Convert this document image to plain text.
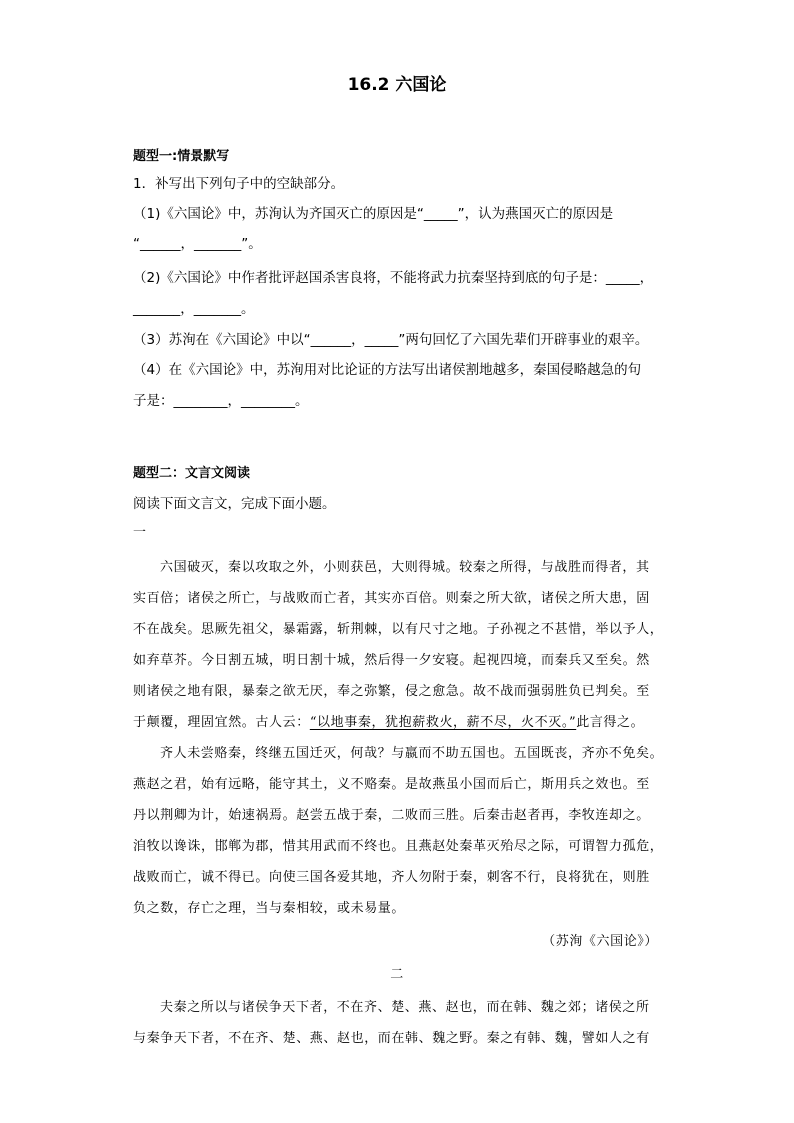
16.2 六国论
题型一:情景默写
1．补写出下列句子中的空缺部分。
（1)《六国论》中，苏洵认为齐国灭亡的原因是“_____”，认为燕国灭亡的原因是
“______，_______”。
（2)《六国论》中作者批评赵国杀害良将，不能将武力抗秦坚持到底的句子是：_____，
_______，_______。
（3）苏洵在《六国论》中以“______，_____”两句回忆了六国先辈们开辟事业的艰辛。
（4）在《六国论》中，苏洵用对比论证的方法写出诸侯割地越多，秦国侵略越急的句
子是：________，________。
题型二：文言文阅读
阅读下面文言文，完成下面小题。
一
六国破灭，秦以攻取之外，小则获邑，大则得城。较秦之所得，与战胜而得者，其
实百倍；诸侯之所亡，与战败而亡者，其实亦百倍。则秦之所大欲，诸侯之所大患，固
不在战矣。思厥先祖父，暴霜露，斩荆棘，以有尺寸之地。子孙视之不甚惜，举以予人，
如弃草芥。今日割五城，明日割十城，然后得一夕安寝。起视四境，而秦兵又至矣。然
则诸侯之地有限，暴秦之欲无厌，奉之弥繁，侵之愈急。故不战而强弱胜负已判矣。至
于颠覆，理固宜然。古人云：“以地事秦，犹抱薪救火，薪不尽，火不灭。”此言得之。
齐人未尝赂秦，终继五国迁灭，何哉？与嬴而不助五国也。五国既丧，齐亦不免矣。
燕赵之君，始有远略，能守其土，义不赂秦。是故燕虽小国而后亡，斯用兵之效也。至
丹以荆卿为计，始速祸焉。赵尝五战于秦，二败而三胜。后秦击赵者再，李牧连却之。
洎牧以谗诛，邯郸为郡，惜其用武而不终也。且燕赵处秦革灭殆尽之际，可谓智力孤危，
战败而亡，诚不得已。向使三国各爱其地，齐人勿附于秦，刺客不行，良将犹在，则胜
负之数，存亡之理，当与秦相较，或未易量。
（苏洵《六国论》）
二
夫秦之所以与诸侯争天下者，不在齐、楚、燕、赵也，而在韩、魏之郊；诸侯之所
与秦争天下者，不在齐、楚、燕、赵也，而在韩、魏之野。秦之有韩、魏，譬如人之有
